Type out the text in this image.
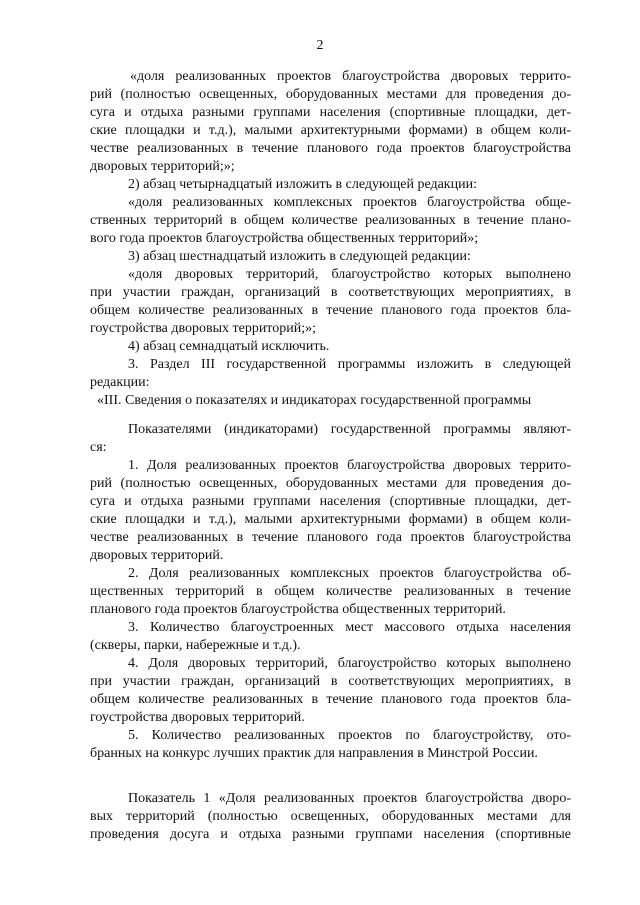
2
«доля реализованных проектов благоустройства дворовых террито-
рий (полностью освещенных, оборудованных местами для проведения до-
суга и отдыха разными группами населения (спортивные площадки, дет-
ские площадки и т.д.), малыми архитектурными формами) в общем коли-
честве реализованных в течение планового года проектов благоустройства
дворовых территорий;»;
2) абзац четырнадцатый изложить в следующей редакции:
«доля реализованных комплексных проектов благоустройства обще-
ственных территорий в общем количестве реализованных в течение плано-
вого года проектов благоустройства общественных территорий»;
3) абзац шестнадцатый изложить в следующей редакции:
«доля дворовых территорий, благоустройство которых выполнено
при участии граждан, организаций в соответствующих мероприятиях, в
общем количестве реализованных в течение планового года проектов бла-
гоустройства дворовых территорий;»;
4) абзац семнадцатый исключить.
3. Раздел III государственной программы изложить в следующей
редакции:
«III. Сведения о показателях и индикаторах государственной программы
Показателями (индикаторами) государственной программы являют-
ся:
1. Доля реализованных проектов благоустройства дворовых террито-
рий (полностью освещенных, оборудованных местами для проведения до-
суга и отдыха разными группами населения (спортивные площадки, дет-
ские площадки и т.д.), малыми архитектурными формами) в общем коли-
честве реализованных в течение планового года проектов благоустройства
дворовых территорий.
2. Доля реализованных комплексных проектов благоустройства об-
щественных территорий в общем количестве реализованных в течение
планового года проектов благоустройства общественных территорий.
3. Количество благоустроенных мест массового отдыха населения
(скверы, парки, набережные и т.д.).
4. Доля дворовых территорий, благоустройство которых выполнено
при участии граждан, организаций в соответствующих мероприятиях, в
общем количестве реализованных в течение планового года проектов бла-
гоустройства дворовых территорий.
5. Количество реализованных проектов по благоустройству, ото-
бранных на конкурс лучших практик для направления в Минстрой России.
Показатель 1 «Доля реализованных проектов благоустройства дворо-
вых территорий (полностью освещенных, оборудованных местами для
проведения досуга и отдыха разными группами населения (спортивные
